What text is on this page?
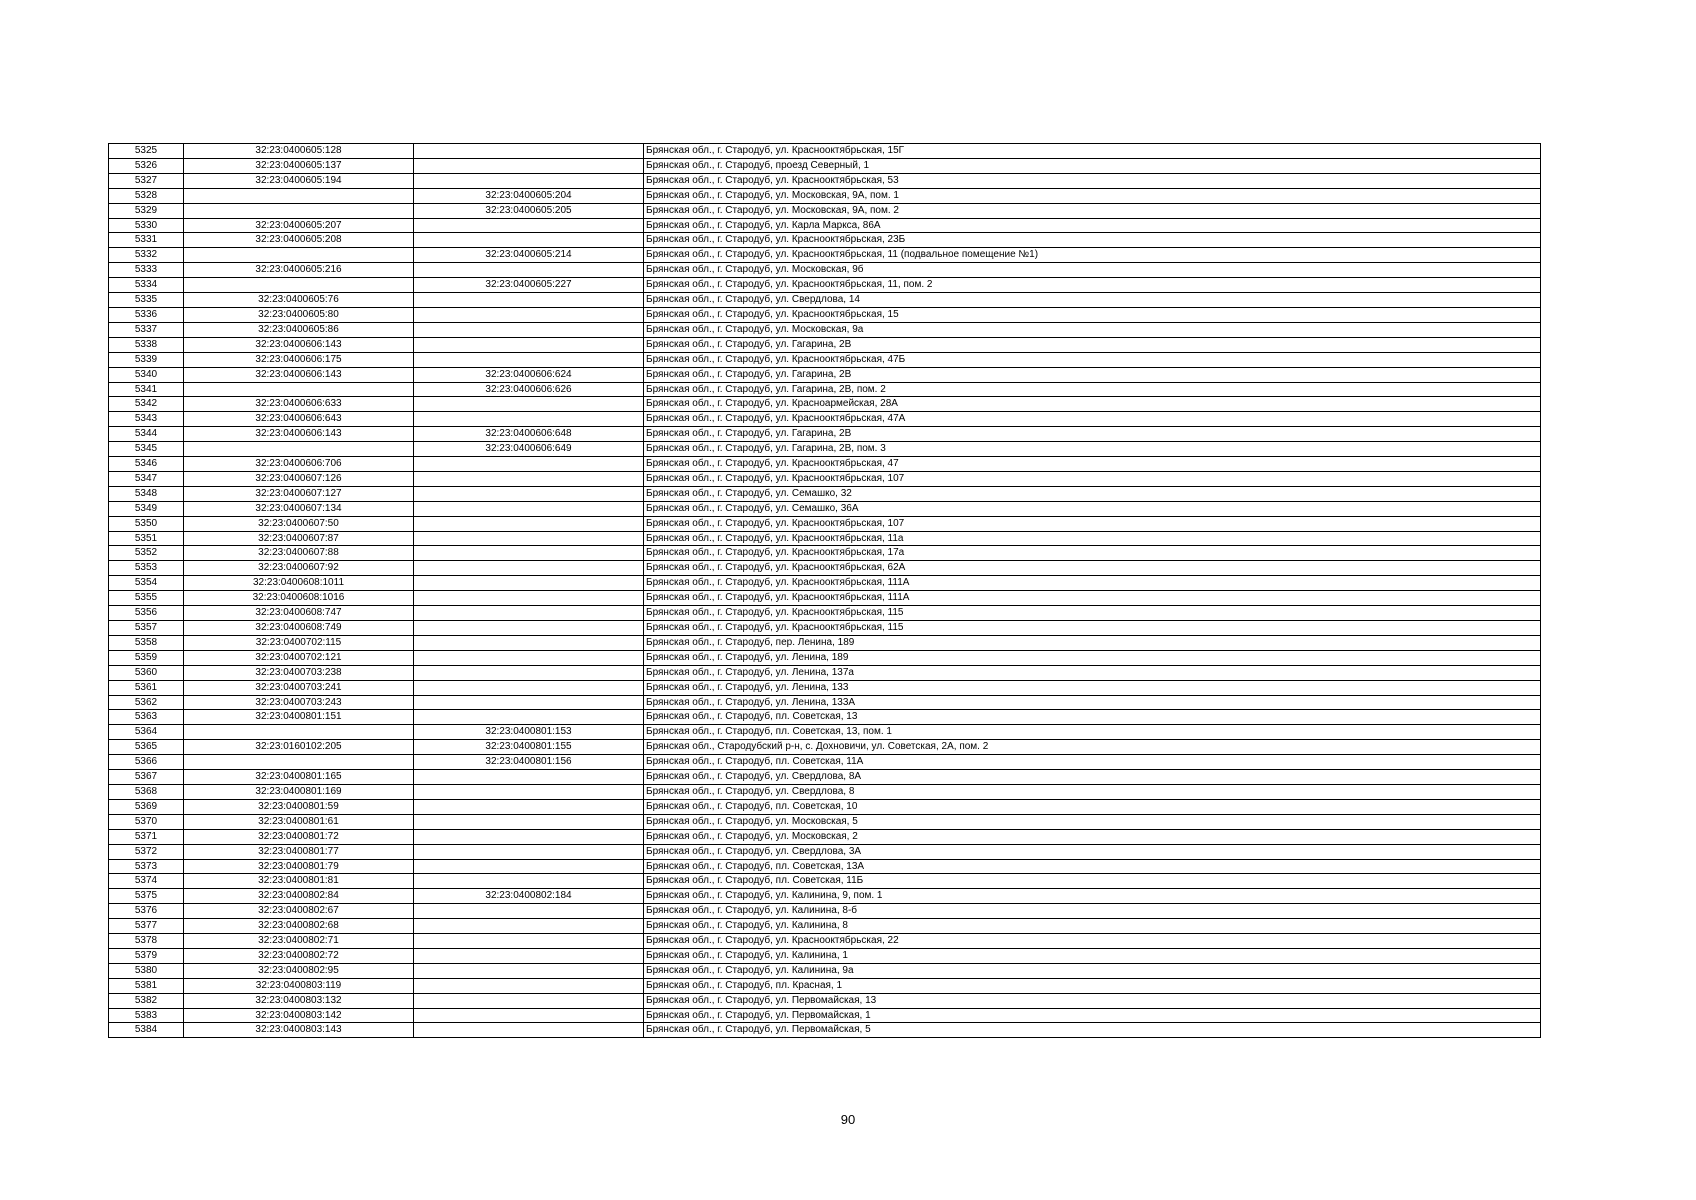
5325	32:23:0400605:128		Брянская обл., г. Стародуб, ул. Краснооктябрьская, 15Г
5326	32:23:0400605:137		Брянская обл., г. Стародуб, проезд Северный, 1
5327	32:23:0400605:194		Брянская обл., г. Стародуб, ул. Краснооктябрьская, 53
5328		32:23:0400605:204	Брянская обл., г. Стародуб, ул. Московская, 9А, пом. 1
5329		32:23:0400605:205	Брянская обл., г. Стародуб, ул. Московская, 9А, пом. 2
5330	32:23:0400605:207		Брянская обл., г. Стародуб, ул. Карла Маркса, 86А
5331	32:23:0400605:208		Брянская обл., г. Стародуб, ул. Краснооктябрьская, 23Б
5332		32:23:0400605:214	Брянская обл., г. Стародуб, ул. Краснооктябрьская, 11 (подвальное помещение №1)
5333	32:23:0400605:216		Брянская обл., г. Стародуб, ул. Московская, 9б
5334		32:23:0400605:227	Брянская обл., г. Стародуб, ул. Краснооктябрьская, 11, пом. 2
5335	32:23:0400605:76		Брянская обл., г. Стародуб, ул. Свердлова, 14
5336	32:23:0400605:80		Брянская обл., г. Стародуб, ул. Краснооктябрьская, 15
5337	32:23:0400605:86		Брянская обл., г. Стародуб, ул. Московская, 9а
5338	32:23:0400606:143		Брянская обл., г. Стародуб, ул. Гагарина, 2В
5339	32:23:0400606:175		Брянская обл., г. Стародуб, ул. Краснооктябрьская, 47Б
5340	32:23:0400606:143	32:23:0400606:624	Брянская обл., г. Стародуб, ул. Гагарина, 2В
5341		32:23:0400606:626	Брянская обл., г. Стародуб, ул. Гагарина, 2В, пом. 2
5342	32:23:0400606:633		Брянская обл., г. Стародуб, ул. Красноармейская, 28А
5343	32:23:0400606:643		Брянская обл., г. Стародуб, ул. Краснооктябрьская, 47А
5344	32:23:0400606:143	32:23:0400606:648	Брянская обл., г. Стародуб, ул. Гагарина, 2В
5345		32:23:0400606:649	Брянская обл., г. Стародуб, ул. Гагарина, 2В, пом. 3
5346	32:23:0400606:706		Брянская обл., г. Стародуб, ул. Краснооктябрьская, 47
5347	32:23:0400607:126		Брянская обл., г. Стародуб, ул. Краснооктябрьская, 107
5348	32:23:0400607:127		Брянская обл., г. Стародуб, ул. Семашко, 32
5349	32:23:0400607:134		Брянская обл., г. Стародуб, ул. Семашко, 36А
5350	32:23:0400607:50		Брянская обл., г. Стародуб, ул. Краснооктябрьская, 107
5351	32:23:0400607:87		Брянская обл., г. Стародуб, ул. Краснооктябрьская, 11а
5352	32:23:0400607:88		Брянская обл., г. Стародуб, ул. Краснооктябрьская, 17а
5353	32:23:0400607:92		Брянская обл., г. Стародуб, ул. Краснооктябрьская, 62А
5354	32:23:0400608:1011		Брянская обл., г. Стародуб, ул. Краснооктябрьская, 111А
5355	32:23:0400608:1016		Брянская обл., г. Стародуб, ул. Краснооктябрьская, 111А
5356	32:23:0400608:747		Брянская обл., г. Стародуб, ул. Краснооктябрьская, 115
5357	32:23:0400608:749		Брянская обл., г. Стародуб, ул. Краснооктябрьская, 115
5358	32:23:0400702:115		Брянская обл., г. Стародуб, пер. Ленина, 189
5359	32:23:0400702:121		Брянская обл., г. Стародуб, ул. Ленина, 189
5360	32:23:0400703:238		Брянская обл., г. Стародуб, ул. Ленина, 137а
5361	32:23:0400703:241		Брянская обл., г. Стародуб, ул. Ленина, 133
5362	32:23:0400703:243		Брянская обл., г. Стародуб, ул. Ленина, 133А
5363	32:23:0400801:151		Брянская обл., г. Стародуб, пл. Советская, 13
5364		32:23:0400801:153	Брянская обл., г. Стародуб, пл. Советская, 13, пом. 1
5365	32:23:0160102:205	32:23:0400801:155	Брянская обл., Стародубский р-н, с. Дохновичи, ул. Советская, 2А, пом. 2
5366		32:23:0400801:156	Брянская обл., г. Стародуб, пл. Советская, 11А
5367	32:23:0400801:165		Брянская обл., г. Стародуб, ул. Свердлова, 8А
5368	32:23:0400801:169		Брянская обл., г. Стародуб, ул. Свердлова, 8
5369	32:23:0400801:59		Брянская обл., г. Стародуб, пл. Советская, 10
5370	32:23:0400801:61		Брянская обл., г. Стародуб, ул. Московская, 5
5371	32:23:0400801:72		Брянская обл., г. Стародуб, ул. Московская, 2
5372	32:23:0400801:77		Брянская обл., г. Стародуб, ул. Свердлова, 3А
5373	32:23:0400801:79		Брянская обл., г. Стародуб, пл. Советская, 13А
5374	32:23:0400801:81		Брянская обл., г. Стародуб, пл. Советская, 11Б
5375	32:23:0400802:84	32:23:0400802:184	Брянская обл., г. Стародуб, ул. Калинина, 9, пом. 1
5376	32:23:0400802:67		Брянская обл., г. Стародуб, ул. Калинина, 8-б
5377	32:23:0400802:68		Брянская обл., г. Стародуб, ул. Калинина, 8
5378	32:23:0400802:71		Брянская обл., г. Стародуб, ул. Краснооктябрьская, 22
5379	32:23:0400802:72		Брянская обл., г. Стародуб, ул. Калинина, 1
5380	32:23:0400802:95		Брянская обл., г. Стародуб, ул. Калинина, 9а
5381	32:23:0400803:119		Брянская обл., г. Стародуб, пл. Красная, 1
5382	32:23:0400803:132		Брянская обл., г. Стародуб, ул. Первомайская, 13
5383	32:23:0400803:142		Брянская обл., г. Стародуб, ул. Первомайская, 1
5384	32:23:0400803:143		Брянская обл., г. Стародуб, ул. Первомайская, 5
90
